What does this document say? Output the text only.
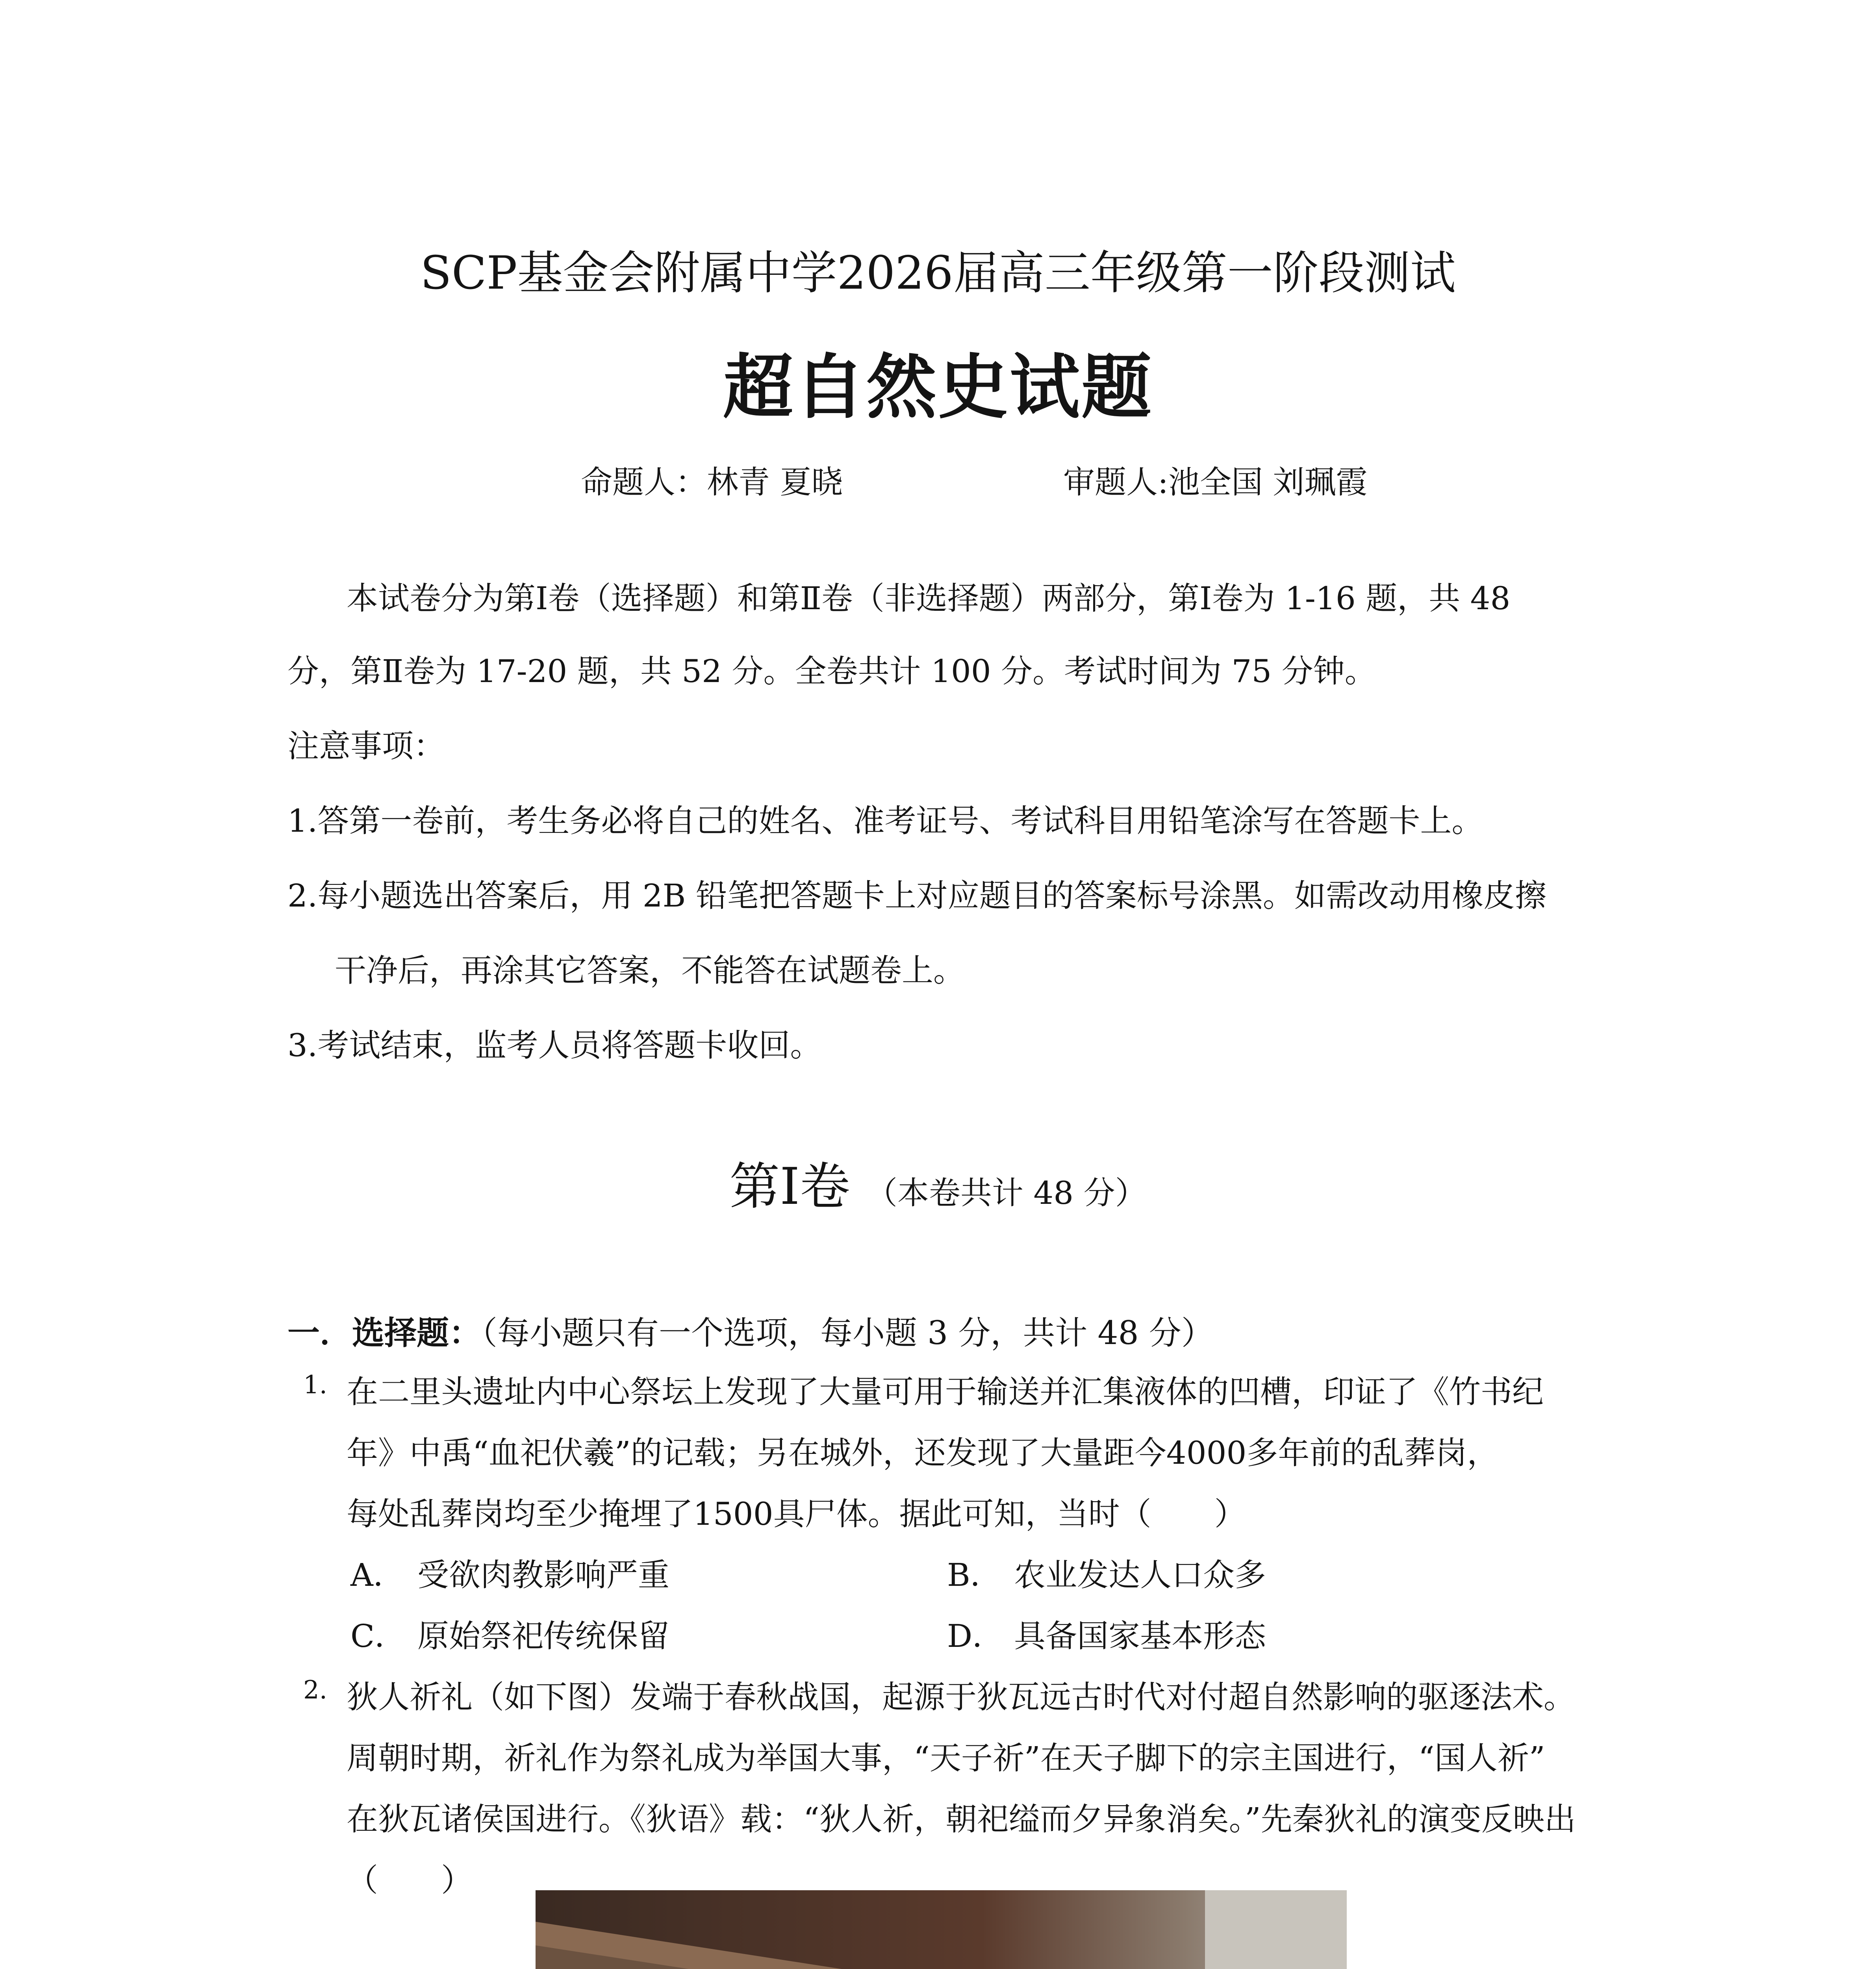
SCP基金会附属中学2026届高三年级第一阶段测试
超自然史试题
命题人：林青 夏晓	审题人:池全国 刘珮霞
本试卷分为第Ⅰ卷（选择题）和第Ⅱ卷（非选择题）两部分，第Ⅰ卷为 1-16 题，共 48
分，第Ⅱ卷为 17-20 题，共 52 分。全卷共计 100 分。考试时间为 75 分钟。
注意事项：
1.答第一卷前，考生务必将自己的姓名、准考证号、考试科目用铅笔涂写在答题卡上。
2.每小题选出答案后，用 2B 铅笔把答题卡上对应题目的答案标号涂黑。如需改动用橡皮擦
干净后，再涂其它答案，不能答在试题卷上。
3.考试结束，监考人员将答题卡收回。
第Ⅰ卷 （本卷共计 48 分）
一．选择题：（每小题只有一个选项，每小题 3 分，共计 48 分）
1. 在二里头遗址内中心祭坛上发现了大量可用于输送并汇集液体的凹槽，印证了《竹书纪
年》中禹“血祀伏羲”的记载；另在城外，还发现了大量距今4000多年前的乱葬岗，
每处乱葬岗均至少掩埋了1500具尸体。据此可知，当时（　　）
A． 受欲肉教影响严重	B． 农业发达人口众多
C． 原始祭祀传统保留	D． 具备国家基本形态
2. 狄人祈礼（如下图）发端于春秋战国，起源于狄瓦远古时代对付超自然影响的驱逐法术。
周朝时期，祈礼作为祭礼成为举国大事，“天子祈”在天子脚下的宗主国进行，“国人祈”
在狄瓦诸侯国进行。《狄语》载：“狄人祈，朝祀缢而夕异象消矣。”先秦狄礼的演变反映出
（　　）
